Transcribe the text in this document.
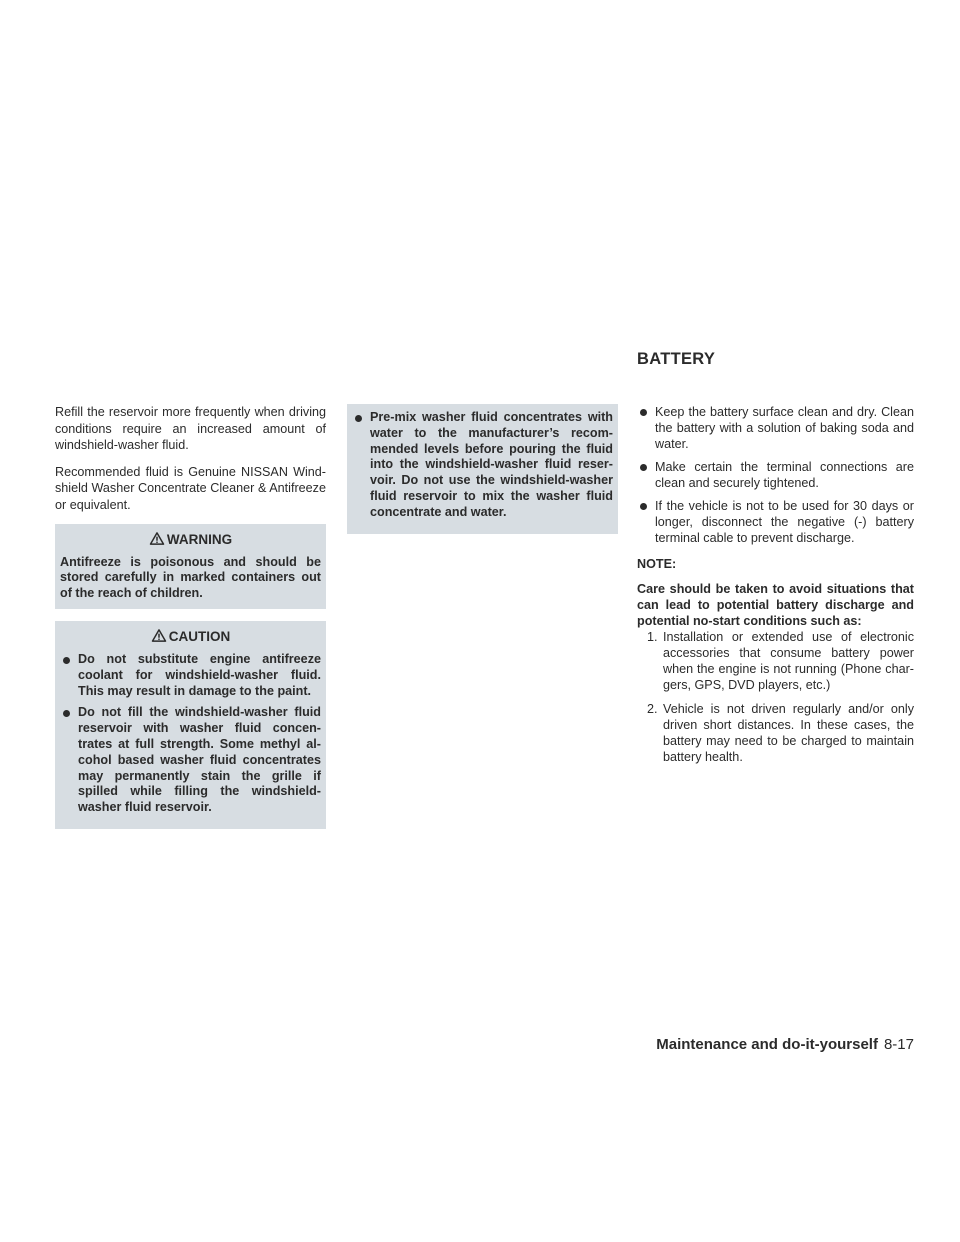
BATTERY

Refill the reservoir more frequently when driving conditions require an increased amount of windshield-washer fluid.

Recommended fluid is Genuine NISSAN Wind-shield Washer Concentrate Cleaner & Antifreeze or equivalent.

WARNING
Antifreeze is poisonous and should be stored carefully in marked containers out of the reach of children.
CAUTION
Do not substitute engine antifreeze coolant for windshield-washer fluid. This may result in damage to the paint.
Do not fill the windshield-washer fluid reservoir with washer fluid concen-trates at full strength. Some methyl al-cohol based washer fluid concentrates may permanently stain the grille if spilled while filling the windshield-washer fluid reservoir.
Pre-mix washer fluid concentrates with water to the manufacturer’s recom-mended levels before pouring the fluid into the windshield-washer fluid reser-voir. Do not use the windshield-washer fluid reservoir to mix the washer fluid concentrate and water.
Keep the battery surface clean and dry. Clean the battery with a solution of baking soda and water.
Make certain the terminal connections are clean and securely tightened.
If the vehicle is not to be used for 30 days or longer, disconnect the negative (-) battery terminal cable to prevent discharge.
NOTE:

Care should be taken to avoid situations that can lead to potential battery discharge and potential no-start conditions such as:

1. Installation or extended use of electronic accessories that consume battery power when the engine is not running (Phone char-gers, GPS, DVD players, etc.)
2. Vehicle is not driven regularly and/or only driven short distances. In these cases, the battery may need to be charged to maintain battery health.
Maintenance and do-it-yourself 8-17
